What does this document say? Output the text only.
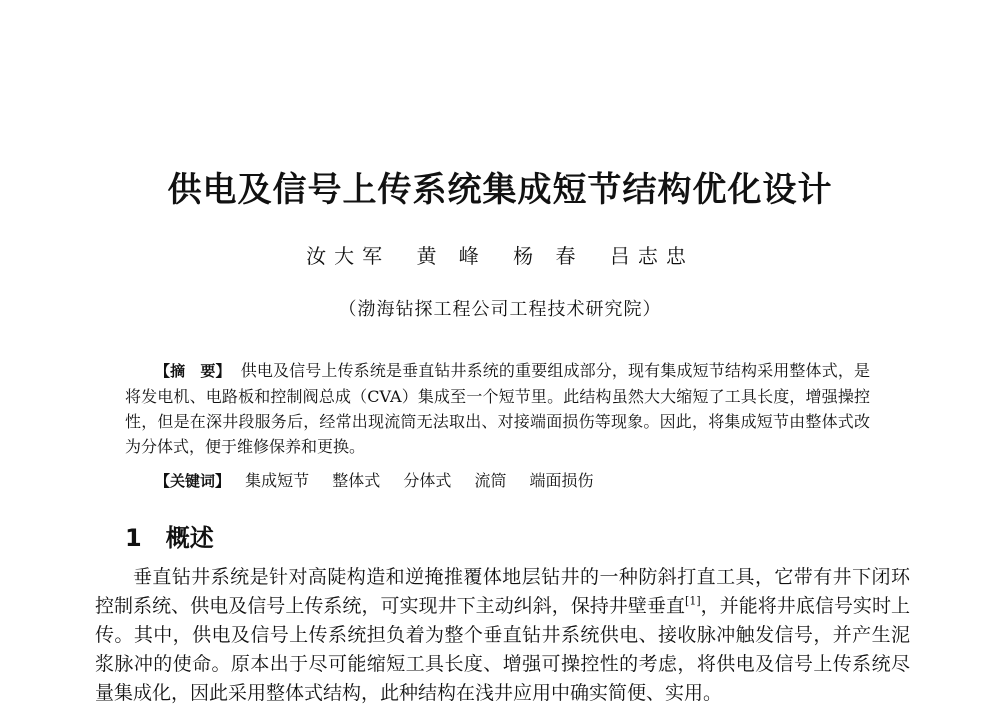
供电及信号上传系统集成短节结构优化设计
汝大军 黄 峰 杨 春 吕志忠
（渤海钻探工程公司工程技术研究院）
【摘　要】 供电及信号上传系统是垂直钻井系统的重要组成部分，现有集成短节结构采用整体式，是将发电机、电路板和控制阀总成（CVA）集成至一个短节里。此结构虽然大大缩短了工具长度，增强操控性，但是在深井段服务后，经常出现流筒无法取出、对接端面损伤等现象。因此，将集成短节由整体式改为分体式，便于维修保养和更换。
【关键词】 集成短节 整体式 分体式 流筒 端面损伤
1 概述
垂直钻井系统是针对高陡构造和逆掩推覆体地层钻井的一种防斜打直工具，它带有井下闭环控制系统、供电及信号上传系统，可实现井下主动纠斜，保持井壁垂直[1]，并能将井底信号实时上传。其中，供电及信号上传系统担负着为整个垂直钻井系统供电、接收脉冲触发信号，并产生泥浆脉冲的使命。原本出于尽可能缩短工具长度、增强可操控性的考虑，将供电及信号上传系统尽量集成化，因此采用整体式结构，此种结构在浅井应用中确实简便、实用。
